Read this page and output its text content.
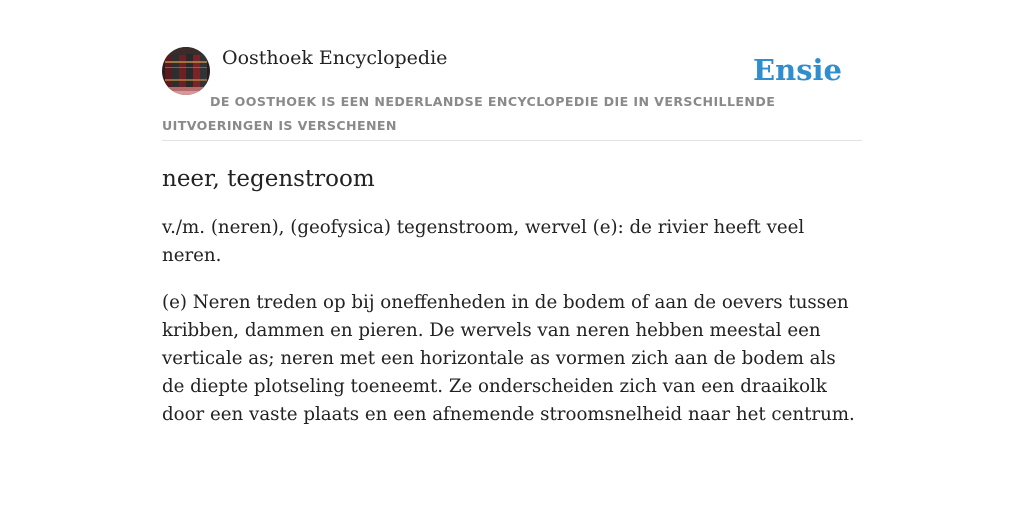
Oosthoek Encyclopedie	Ensie
DE OOSTHOEK IS EEN NEDERLANDSE ENCYCLOPEDIE DIE IN VERSCHILLENDE UITVOERINGEN IS VERSCHENEN
neer, tegenstroom

v./m. (neren), (geofysica) tegenstroom, wervel (e): de rivier heeft veel neren.

(e) Neren treden op bij oneffenheden in de bodem of aan de oevers tussen kribben, dammen en pieren. De wervels van neren hebben meestal een verticale as; neren met een horizontale as vormen zich aan de bodem als de diepte plotseling toeneemt. Ze onderscheiden zich van een draaikolk door een vaste plaats en een afnemende stroomsnelheid naar het centrum.
